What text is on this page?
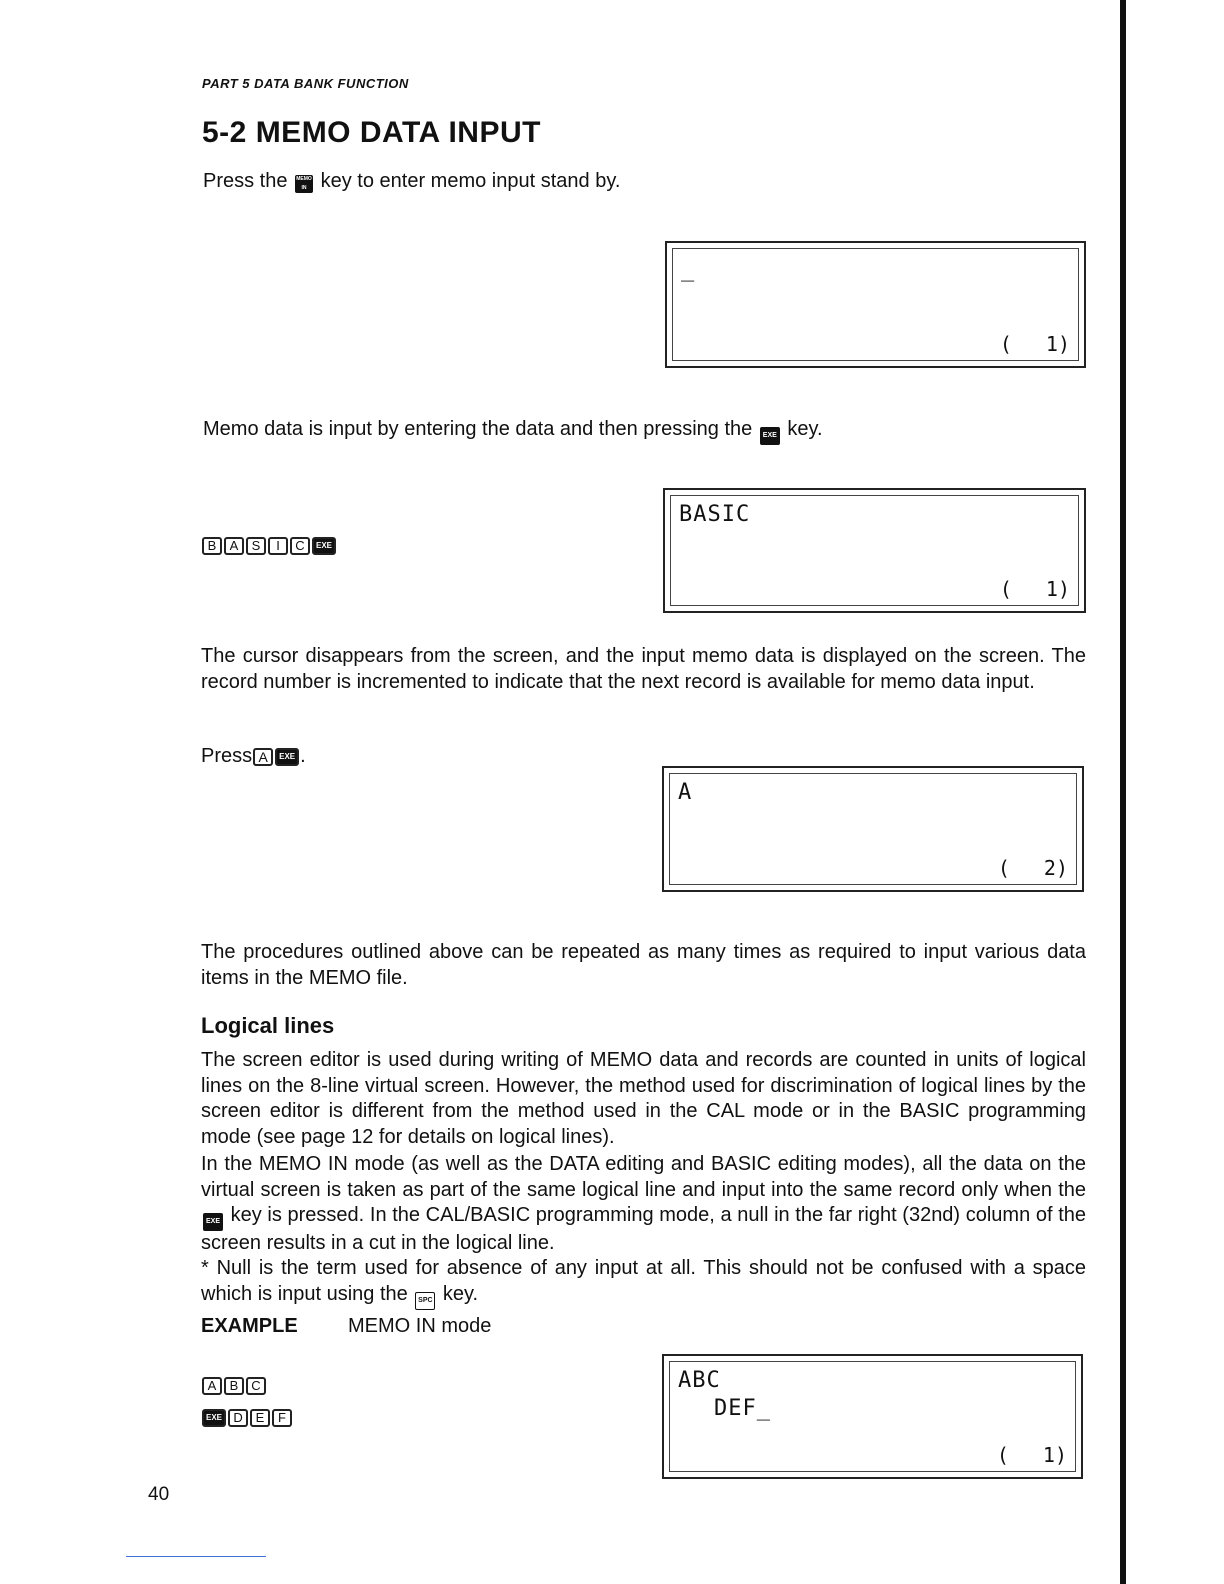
PART 5 DATA BANK FUNCTION
5-2 MEMO DATA INPUT
Press the MEMO IN key to enter memo input stand by.
_
( 1)
Memo data is input by entering the data and then pressing the EXE key.
B A S I C EXE
BASIC
( 1)
The cursor disappears from the screen, and the input memo data is displayed on the screen. The record number is incremented to indicate that the next record is available for memo data input.
Press A EXE .
A
( 2)
The procedures outlined above can be repeated as many times as required to input various data items in the MEMO file.
Logical lines
The screen editor is used during writing of MEMO data and records are counted in units of logical lines on the 8-line virtual screen. However, the method used for discrimination of logical lines by the screen editor is different from the method used in the CAL mode or in the BASIC programming mode (see page 12 for details on logical lines).
In the MEMO IN mode (as well as the DATA editing and BASIC editing modes), all the data on the virtual screen is taken as part of the same logical line and input into the same record only when the EXE key is pressed. In the CAL/BASIC programming mode, a null in the far right (32nd) column of the screen results in a cut in the logical line.
* Null is the term used for absence of any input at all. This should not be confused with a space which is input using the SPC key.
EXAMPLE	MEMO IN mode
A B C
EXE D E F
ABC
DEF_
( 1)
40
